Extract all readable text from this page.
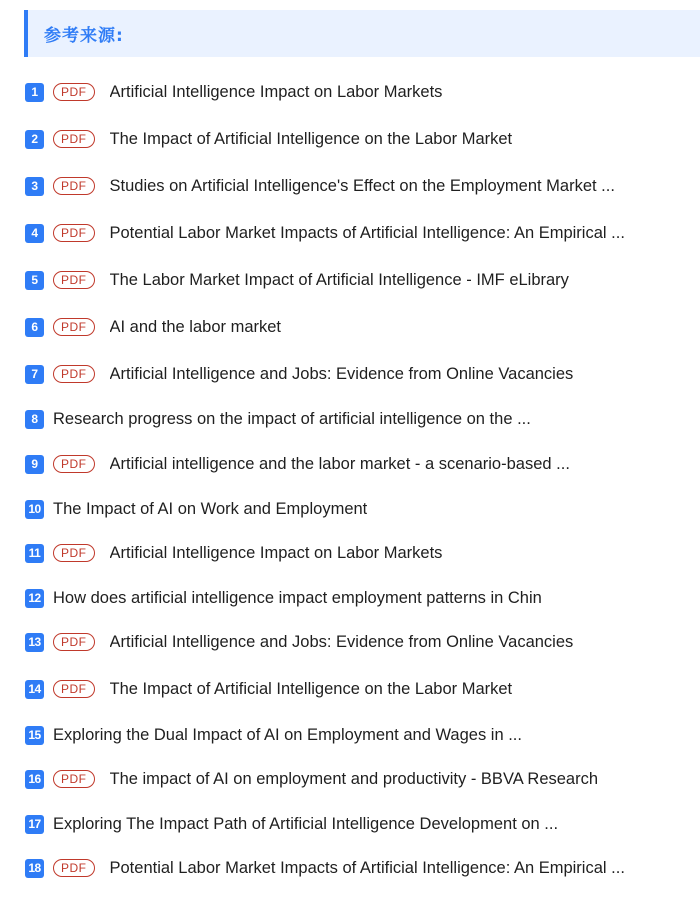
参考来源:
1	PDF	Artificial Intelligence Impact on Labor Markets
2	PDF	The Impact of Artificial Intelligence on the Labor Market
3	PDF	Studies on Artificial Intelligence's Effect on the Employment Market ...
4	PDF	Potential Labor Market Impacts of Artificial Intelligence: An Empirical ...
5	PDF	The Labor Market Impact of Artificial Intelligence - IMF eLibrary
6	PDF	AI and the labor market
7	PDF	Artificial Intelligence and Jobs: Evidence from Online Vacancies
8 Research progress on the impact of artificial intelligence on the ...
9	PDF	Artificial intelligence and the labor market - a scenario-based ...
10 The Impact of AI on Work and Employment
11	PDF	Artificial Intelligence Impact on Labor Markets
12 How does artificial intelligence impact employment patterns in Chin
13	PDF	Artificial Intelligence and Jobs: Evidence from Online Vacancies
14	PDF	The Impact of Artificial Intelligence on the Labor Market
15 Exploring the Dual Impact of AI on Employment and Wages in ...
16	PDF	The impact of AI on employment and productivity - BBVA Research
17 Exploring The Impact Path of Artificial Intelligence Development on ...
18	PDF	Potential Labor Market Impacts of Artificial Intelligence: An Empirical ...
